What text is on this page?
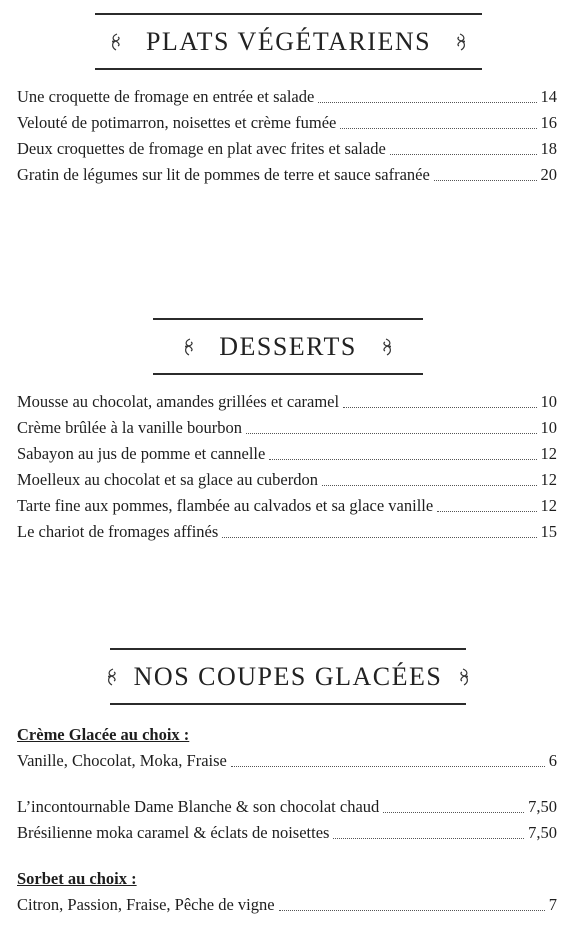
PLATS VÉGÉTARIENS
Une croquette de fromage en entrée et salade	14
Velouté de potimarron, noisettes et crème fumée	16
Deux croquettes de fromage en plat avec frites et salade	18
Gratin de légumes sur lit de pommes de terre et sauce safranée	20
DESSERTS
Mousse au chocolat, amandes grillées et caramel	10
Crème brûlée à la vanille bourbon	10
Sabayon au jus de pomme et cannelle	12
Moelleux au chocolat et sa glace au cuberdon	12
Tarte fine aux pommes, flambée au calvados et sa glace vanille	12
Le chariot de fromages affinés	15
NOS COUPES GLACÉES
Crème Glacée au choix :
Vanille, Chocolat, Moka, Fraise	6
L’incontournable Dame Blanche & son chocolat chaud	7,50
Brésilienne moka caramel & éclats de noisettes	7,50
Sorbet au choix :
Citron, Passion, Fraise, Pêche de vigne	7
